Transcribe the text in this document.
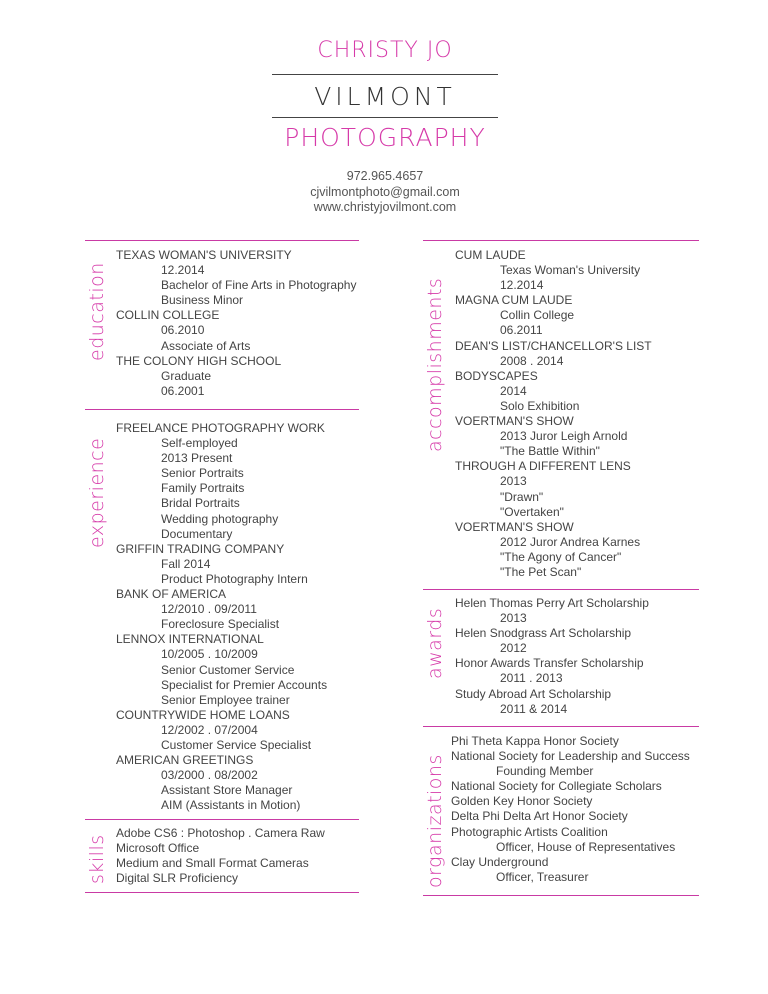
CHRISTY JO
VILMONT
PHOTOGRAPHY
972.965.4657
cjvilmontphoto@gmail.com
www.christyjovilmont.com
education
experience
skills
accomplishments
awards
organizations
TEXAS WOMAN'S UNIVERSITY
12.2014
Bachelor of Fine Arts in Photography
Business Minor
COLLIN COLLEGE
06.2010
Associate of Arts
THE COLONY HIGH SCHOOL
Graduate
06.2001
FREELANCE PHOTOGRAPHY WORK
Self-employed
2013 Present
Senior Portraits
Family Portraits
Bridal Portraits
Wedding photography
Documentary
GRIFFIN TRADING COMPANY
Fall 2014
Product Photography Intern
BANK OF AMERICA
12/2010 . 09/2011
Foreclosure Specialist
LENNOX INTERNATIONAL
10/2005 . 10/2009
Senior Customer Service
Specialist for Premier Accounts
Senior Employee trainer
COUNTRYWIDE HOME LOANS
12/2002 . 07/2004
Customer Service Specialist
AMERICAN GREETINGS
03/2000 . 08/2002
Assistant Store Manager
AIM (Assistants in Motion)
Adobe CS6 : Photoshop . Camera Raw
Microsoft Office
Medium and Small Format Cameras
Digital SLR Proficiency
CUM LAUDE
Texas Woman's University
12.2014
MAGNA CUM LAUDE
Collin College
06.2011
DEAN'S LIST/CHANCELLOR'S LIST
2008 . 2014
BODYSCAPES
2014
Solo Exhibition
VOERTMAN'S SHOW
2013 Juror Leigh Arnold
"The Battle Within"
THROUGH A DIFFERENT LENS
2013
"Drawn"
"Overtaken"
VOERTMAN'S SHOW
2012 Juror Andrea Karnes
"The Agony of Cancer"
"The Pet Scan"
Helen Thomas Perry Art Scholarship
2013
Helen Snodgrass Art Scholarship
2012
Honor Awards Transfer Scholarship
2011 . 2013
Study Abroad Art Scholarship
2011 & 2014
Phi Theta Kappa Honor Society
National Society for Leadership and Success
Founding Member
National Society for Collegiate Scholars
Golden Key Honor Society
Delta Phi Delta Art Honor Society
Photographic Artists Coalition
Officer, House of Representatives
Clay Underground
Officer, Treasurer
